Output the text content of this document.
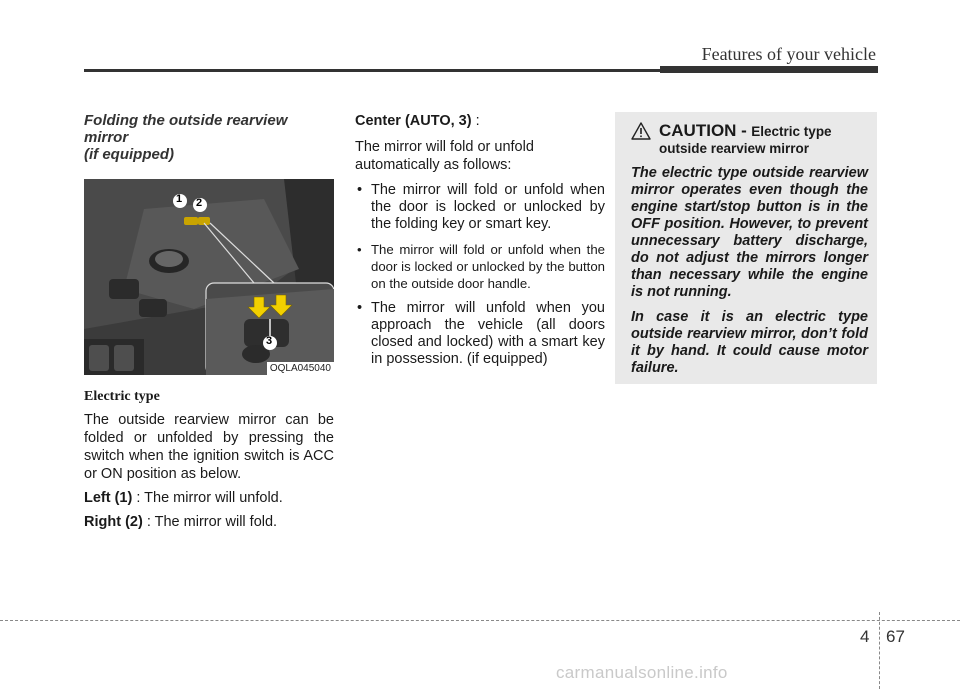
Features of your vehicle
Folding the outside rearview mirror
(if equipped)
1 2
3
OQLA045040
Electric type

The outside rearview mirror can be folded or unfolded by pressing the switch when the ignition switch is ACC or ON position as below.

Left (1) : The mirror will unfold.

Right (2) : The mirror will fold.

Center (AUTO, 3) :

The mirror will fold or unfold automatically as follows:

• The mirror will fold or unfold when the door is locked or unlocked by the folding key or smart key.
• The mirror will fold or unfold when the door is locked or unlocked by the button on the outside door handle.
• The mirror will unfold when you approach the vehicle (all doors closed and locked) with a smart key in possession. (if equipped)
CAUTION - Electric type
outside rearview mirror

The electric type outside rearview mirror operates even though the engine start/stop button is in the OFF position. However, to prevent unnecessary battery discharge, do not adjust the mirrors longer than necessary while the engine is not running.

In case it is an electric type outside rearview mirror, don’t fold it by hand. It could cause motor failure.

4 67
carmanualsonline.info
